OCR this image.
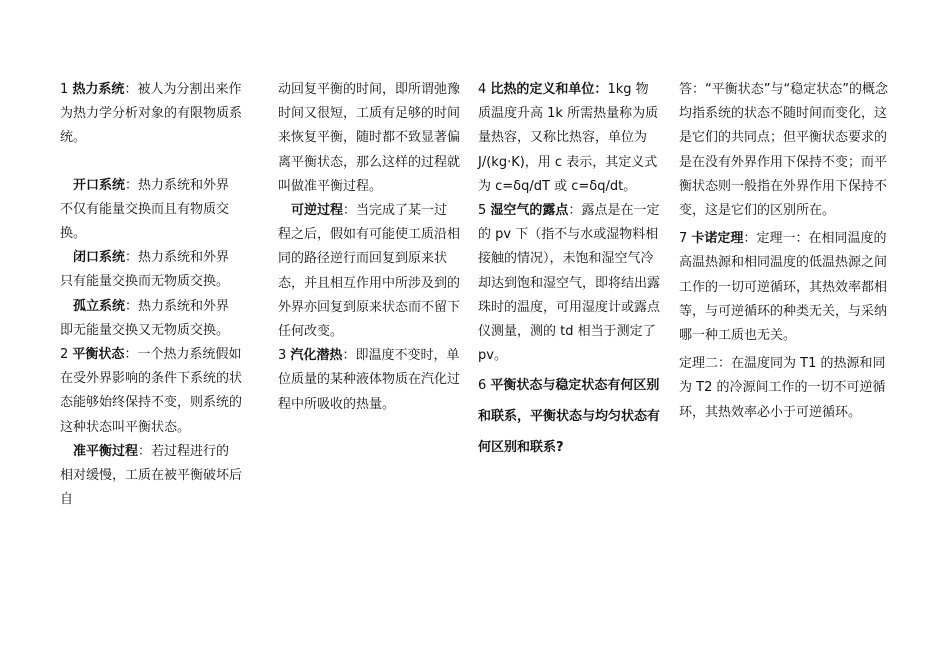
1 热力系统：被人为分割出来作为热力学分析对象的有限物质系统。

开口系统：热力系统和外界不仅有能量交换而且有物质交换。

闭口系统：热力系统和外界只有能量交换而无物质交换。

孤立系统：热力系统和外界即无能量交换又无物质交换。

2 平衡状态：一个热力系统假如在受外界影响的条件下系统的状态能够始终保持不变，则系统的这种状态叫平衡状态。

准平衡过程：若过程进行的相对缓慢，工质在被平衡破坏后自

动回复平衡的时间，即所谓弛豫时间又很短，工质有足够的时间来恢复平衡，随时都不致显著偏离平衡状态，那么这样的过程就叫做准平衡过程。

可逆过程：当完成了某一过程之后，假如有可能使工质沿相同的路径逆行而回复到原来状态，并且相互作用中所涉及到的外界亦回复到原来状态而不留下任何改变。

3 汽化潜热：即温度不变时，单位质量的某种液体物质在汽化过程中所吸收的热量。

4 比热的定义和单位：1kg 物质温度升高 1k 所需热量称为质量热容，又称比热容，单位为 J/(kg·K)，用 c 表示，其定义式为 c=δq/dT 或 c=δq/dt。

5 湿空气的露点：露点是在一定的 pv 下（指不与水或湿物料相接触的情况），未饱和湿空气冷却达到饱和湿空气，即将结出露珠时的温度，可用湿度计或露点仪测量，测的 td 相当于测定了 pv。

6 平衡状态与稳定状态有何区别和联系，平衡状态与均匀状态有何区别和联系?

答：“平衡状态”与“稳定状态”的概念均指系统的状态不随时间而变化，这是它们的共同点；但平衡状态要求的是在没有外界作用下保持不变；而平衡状态则一般指在外界作用下保持不变，这是它们的区别所在。

7 卡诺定理：定理一：在相同温度的高温热源和相同温度的低温热源之间工作的一切可逆循环，其热效率都相等，与可逆循环的种类无关，与采纳哪一种工质也无关。

定理二：在温度同为 T1 的热源和同为 T2 的冷源间工作的一切不可逆循环，其热效率必小于可逆循环。
